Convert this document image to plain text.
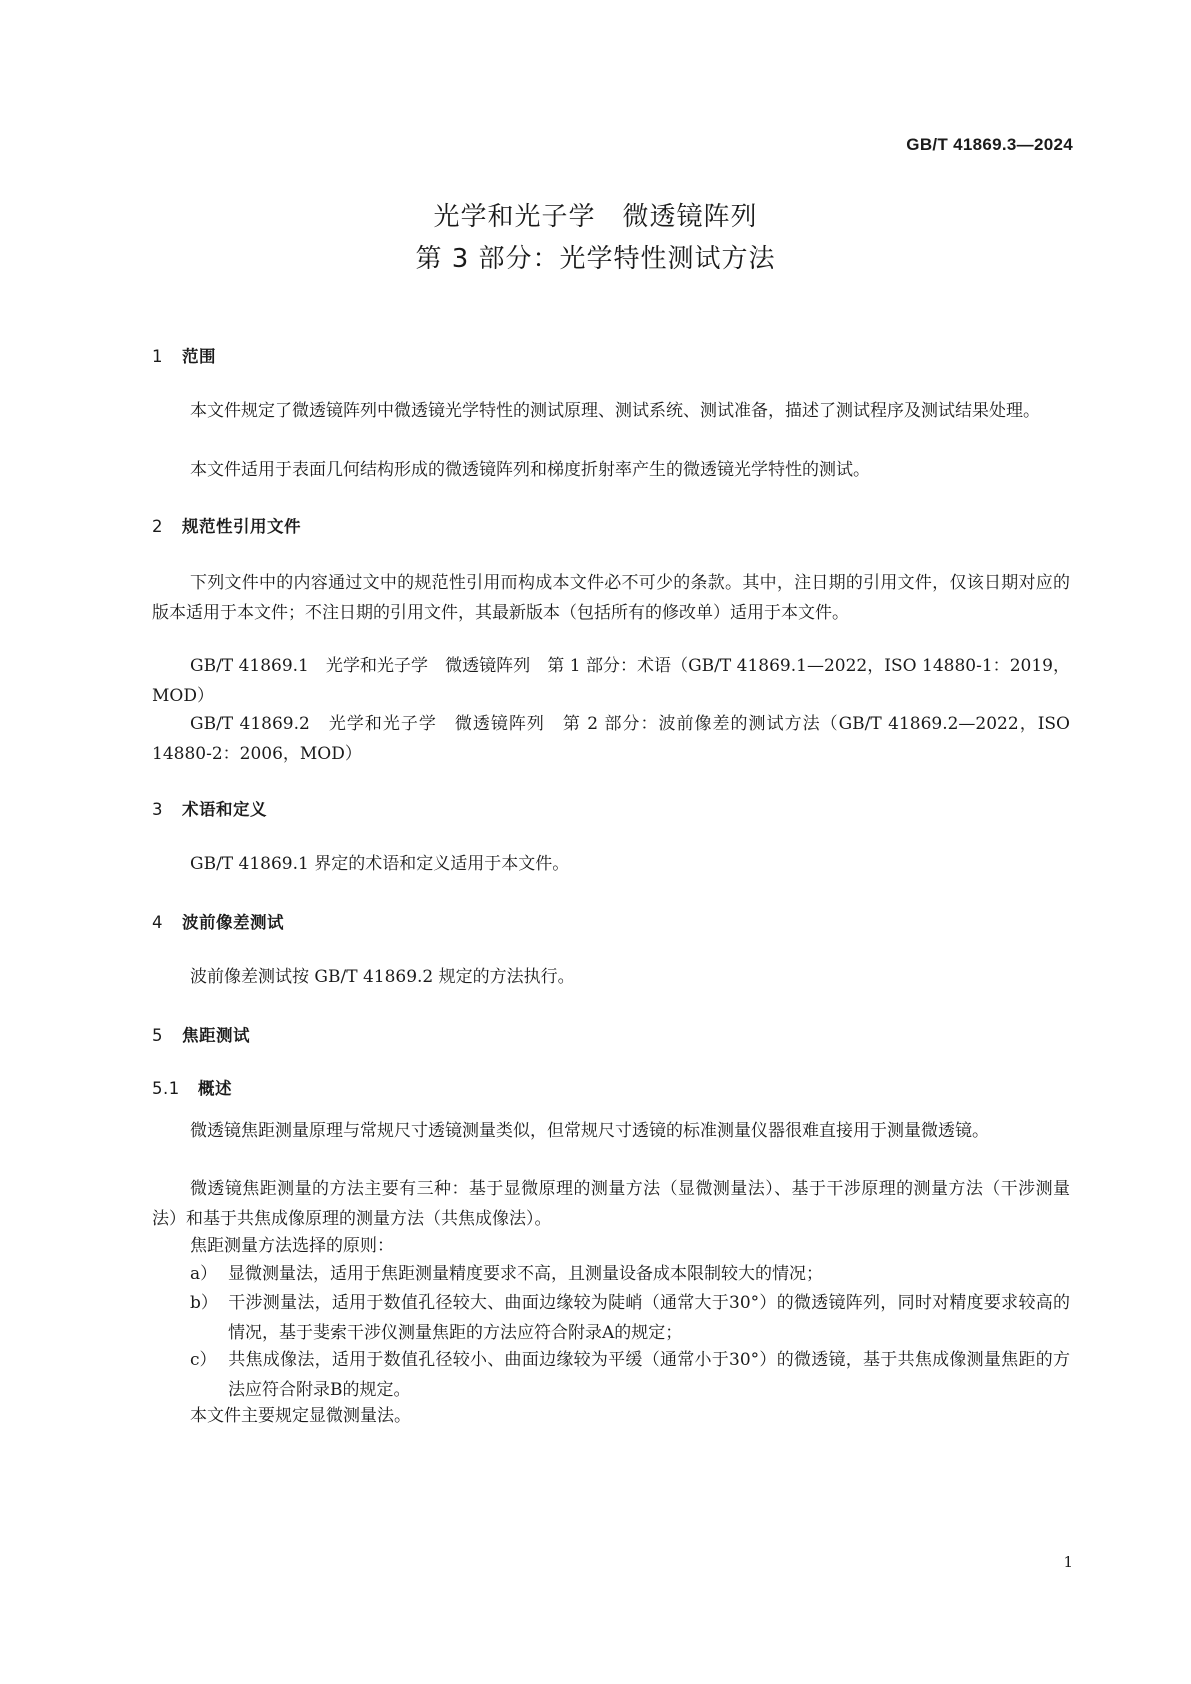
GB/T 41869.3—2024
光学和光子学　微透镜阵列
第 3 部分：光学特性测试方法
1 范围
本文件规定了微透镜阵列中微透镜光学特性的测试原理、测试系统、测试准备，描述了测试程序及测试结果处理。
本文件适用于表面几何结构形成的微透镜阵列和梯度折射率产生的微透镜光学特性的测试。
2 规范性引用文件
下列文件中的内容通过文中的规范性引用而构成本文件必不可少的条款。其中，注日期的引用文件，仅该日期对应的版本适用于本文件；不注日期的引用文件，其最新版本（包括所有的修改单）适用于本文件。
GB/T 41869.1　光学和光子学　微透镜阵列　第 1 部分：术语（GB/T 41869.1—2022，ISO 14880-1：2019，MOD）
GB/T 41869.2　光学和光子学　微透镜阵列　第 2 部分：波前像差的测试方法（GB/T 41869.2—2022，ISO 14880-2：2006，MOD）
3 术语和定义
GB/T 41869.1 界定的术语和定义适用于本文件。
4 波前像差测试
波前像差测试按 GB/T 41869.2 规定的方法执行。
5 焦距测试
5.1 概述
微透镜焦距测量原理与常规尺寸透镜测量类似，但常规尺寸透镜的标准测量仪器很难直接用于测量微透镜。
微透镜焦距测量的方法主要有三种：基于显微原理的测量方法（显微测量法）、基于干涉原理的测量方法（干涉测量法）和基于共焦成像原理的测量方法（共焦成像法）。
焦距测量方法选择的原则：
a） 显微测量法，适用于焦距测量精度要求不高，且测量设备成本限制较大的情况；
b） 干涉测量法，适用于数值孔径较大、曲面边缘较为陡峭（通常大于30°）的微透镜阵列，同时对精度要求较高的情况，基于斐索干涉仪测量焦距的方法应符合附录A的规定；
c） 共焦成像法，适用于数值孔径较小、曲面边缘较为平缓（通常小于30°）的微透镜，基于共焦成像测量焦距的方法应符合附录B的规定。
本文件主要规定显微测量法。
1
